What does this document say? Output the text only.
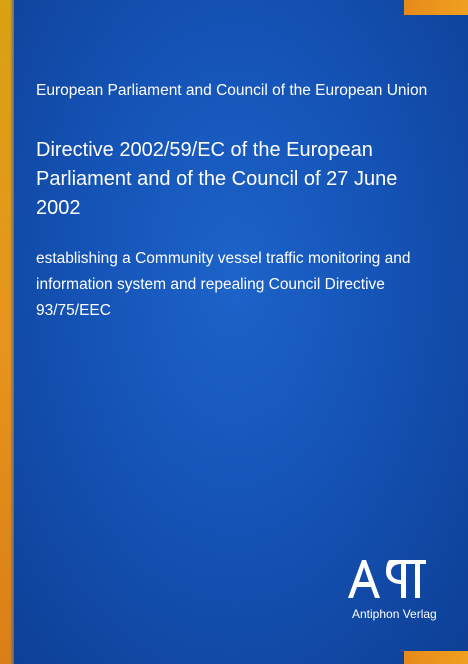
European Parliament and Council of the European Union

Directive 2002/59/EC of the European Parliament and of the Council of 27 June 2002

establishing a Community vessel traffic monitoring and information system and repealing Council Directive 93/75/EEC

Antiphon Verlag
